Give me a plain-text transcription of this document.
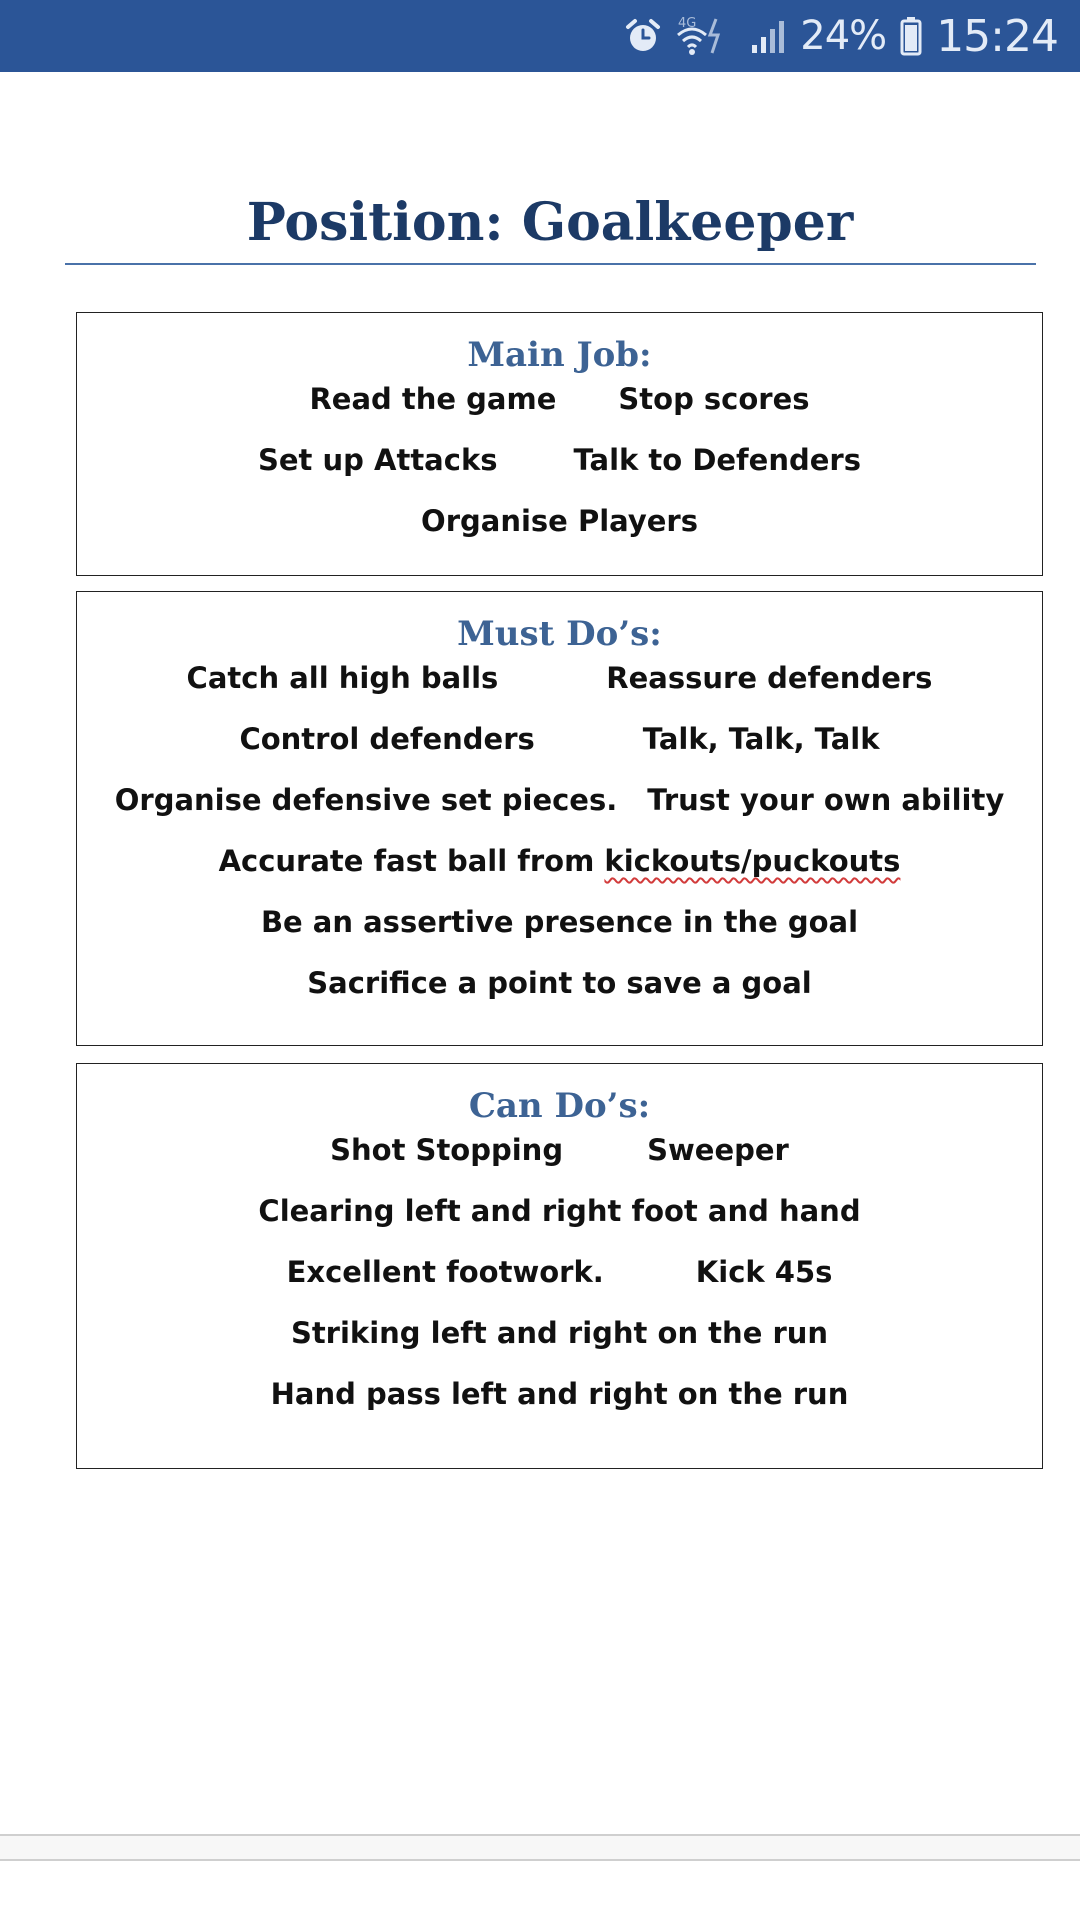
4G	24% 15:24
Position: Goalkeeper
Main Job:
Read the game Stop scores
Set up Attacks	Talk to Defenders
Organise Players
Must Do’s:
Catch all high balls	Reassure defenders
Control defenders	Talk, Talk, Talk
Organise defensive set pieces. Trust your own ability
Accurate fast ball from kickouts/puckouts
Be an assertive presence in the goal
Sacrifice a point to save a goal
Can Do’s:
Shot Stopping	Sweeper
Clearing left and right foot and hand
Excellent footwork.	Kick 45s
Striking left and right on the run
Hand pass left and right on the run
